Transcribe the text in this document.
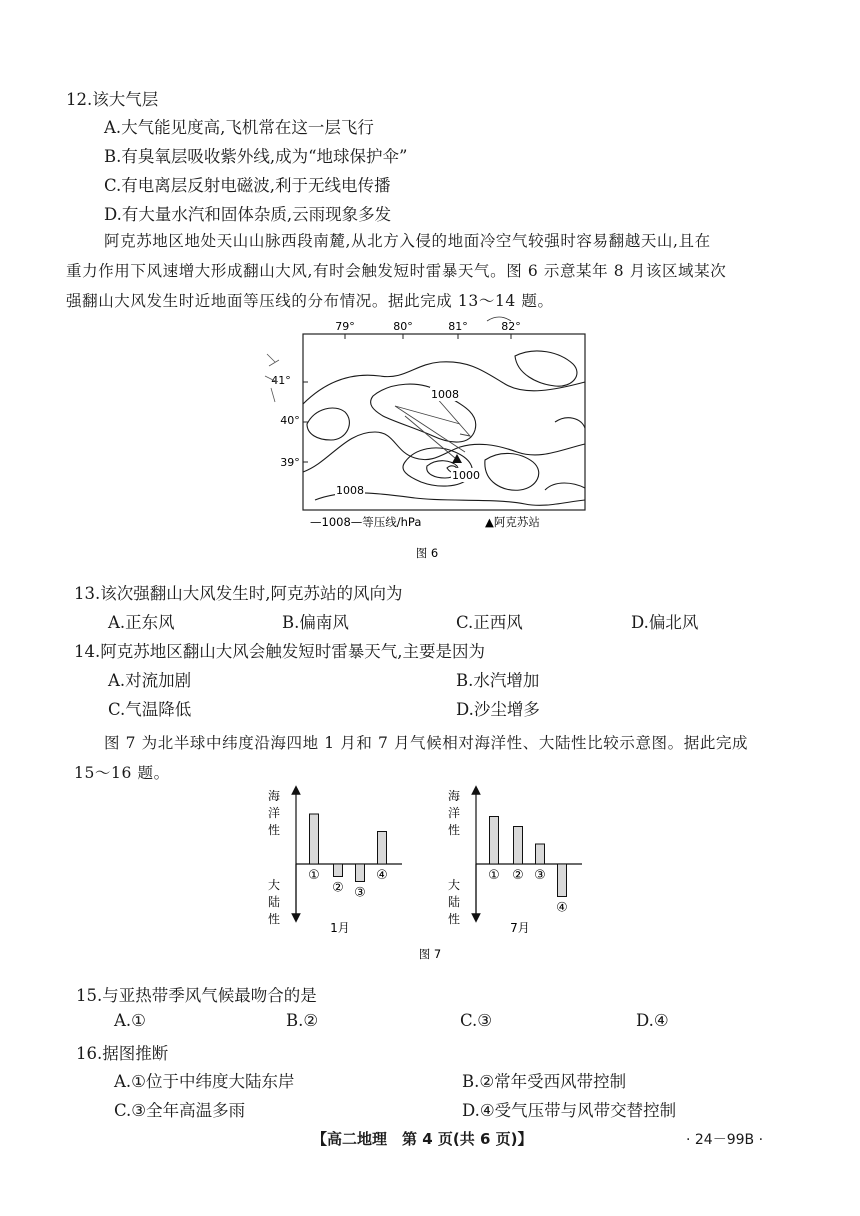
12.该大气层
A.大气能见度高,飞机常在这一层飞行
B.有臭氧层吸收紫外线,成为“地球保护伞”
C.有电离层反射电磁波,利于无线电传播
D.有大量水汽和固体杂质,云雨现象多发
阿克苏地区地处天山山脉西段南麓,从北方入侵的地面冷空气较强时容易翻越天山,且在
重力作用下风速增大形成翻山大风,有时会触发短时雷暴天气。图 6 示意某年 8 月该区域某次
强翻山大风发生时近地面等压线的分布情况。据此完成 13～14 题。
79°	80°	81°	82°
41°
40°
39°
1008
1000
1008
—1008—等压线/hPa	▲阿克苏站
图 6
13.该次强翻山大风发生时,阿克苏站的风向为
A.正东风	B.偏南风	C.正西风	D.偏北风
14.阿克苏地区翻山大风会触发短时雷暴天气,主要是因为
A.对流加剧	B.水汽增加
C.气温降低	D.沙尘增多
图 7 为北半球中纬度沿海四地 1 月和 7 月气候相对海洋性、大陆性比较示意图。据此完成
15～16 题。
海
洋
性
大
陆
性
①
② ③
④
1月
海
洋
性
大
陆
性
① ② ③
④
7月
图 7
15.与亚热带季风气候最吻合的是
A.①	B.②	C.③	D.④
16.据图推断
A.①位于中纬度大陆东岸	B.②常年受西风带控制
C.③全年高温多雨	D.④受气压带与风带交替控制
【高二地理　第 4 页(共 6 页)】	· 24－99B ·
